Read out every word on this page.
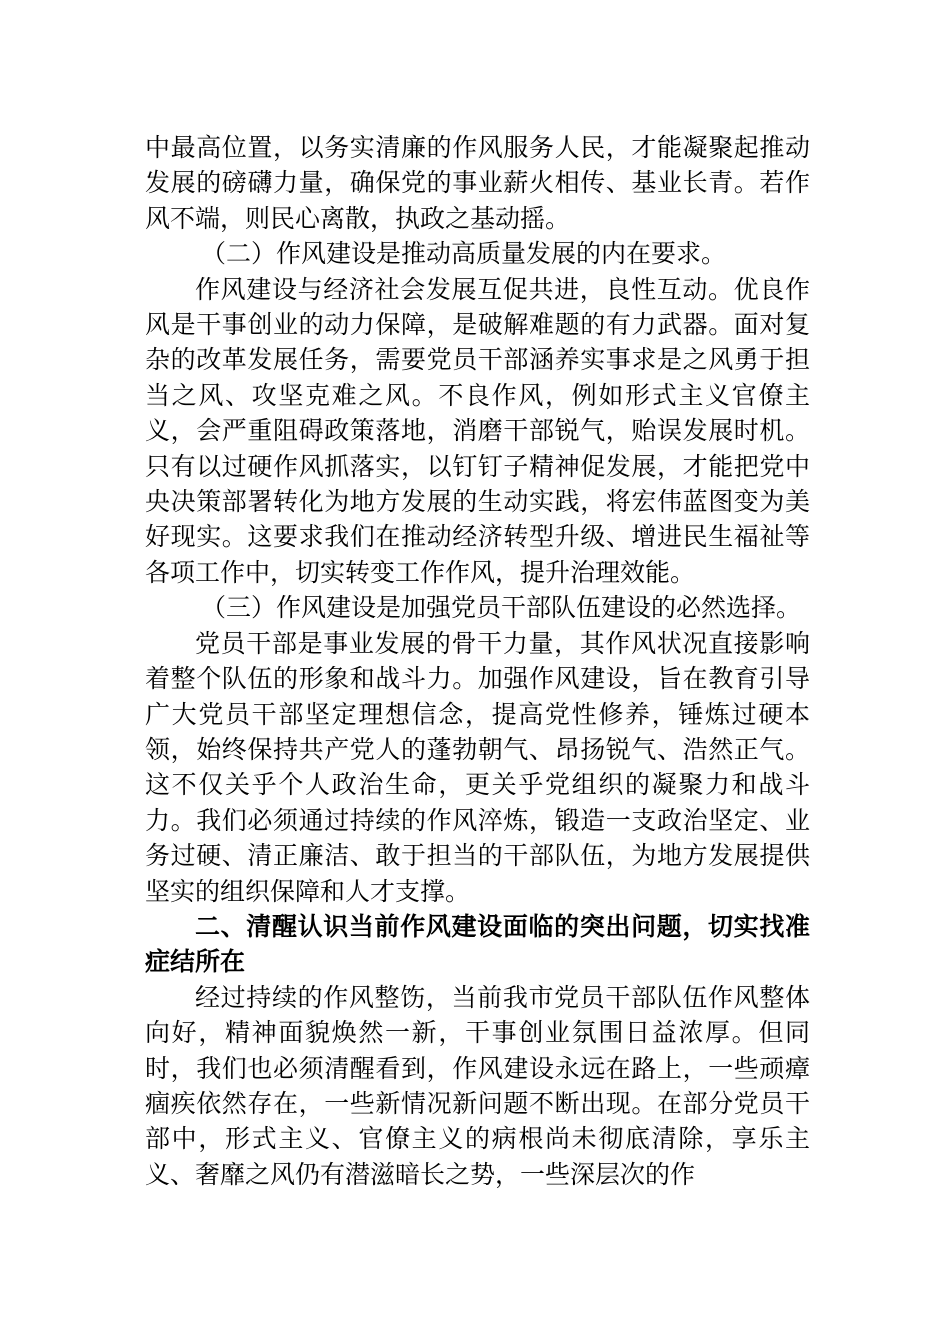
中最高位置，以务实清廉的作风服务人民，才能凝聚起推动发展的磅礴力量，确保党的事业薪火相传、基业长青。若作风不端，则民心离散，执政之基动摇。

（二）作风建设是推动高质量发展的内在要求。

作风建设与经济社会发展互促共进，良性互动。优良作风是干事创业的动力保障，是破解难题的有力武器。面对复杂的改革发展任务，需要党员干部涵养实事求是之风勇于担当之风、攻坚克难之风。不良作风，例如形式主义官僚主义，会严重阻碍政策落地，消磨干部锐气，贻误发展时机。只有以过硬作风抓落实，以钉钉子精神促发展，才能把党中央决策部署转化为地方发展的生动实践，将宏伟蓝图变为美好现实。这要求我们在推动经济转型升级、增进民生福祉等各项工作中，切实转变工作作风，提升治理效能。

（三）作风建设是加强党员干部队伍建设的必然选择。

党员干部是事业发展的骨干力量，其作风状况直接影响着整个队伍的形象和战斗力。加强作风建设，旨在教育引导广大党员干部坚定理想信念，提高党性修养，锤炼过硬本领，始终保持共产党人的蓬勃朝气、昂扬锐气、浩然正气。这不仅关乎个人政治生命，更关乎党组织的凝聚力和战斗力。我们必须通过持续的作风淬炼，锻造一支政治坚定、业务过硬、清正廉洁、敢于担当的干部队伍，为地方发展提供坚实的组织保障和人才支撑。

二、清醒认识当前作风建设面临的突出问题，切实找准症结所在

经过持续的作风整饬，当前我市党员干部队伍作风整体向好，精神面貌焕然一新，干事创业氛围日益浓厚。但同时，我们也必须清醒看到，作风建设永远在路上，一些顽瘴痼疾依然存在，一些新情况新问题不断出现。在部分党员干部中，形式主义、官僚主义的病根尚未彻底清除，享乐主义、奢靡之风仍有潜滋暗长之势，一些深层次的作
